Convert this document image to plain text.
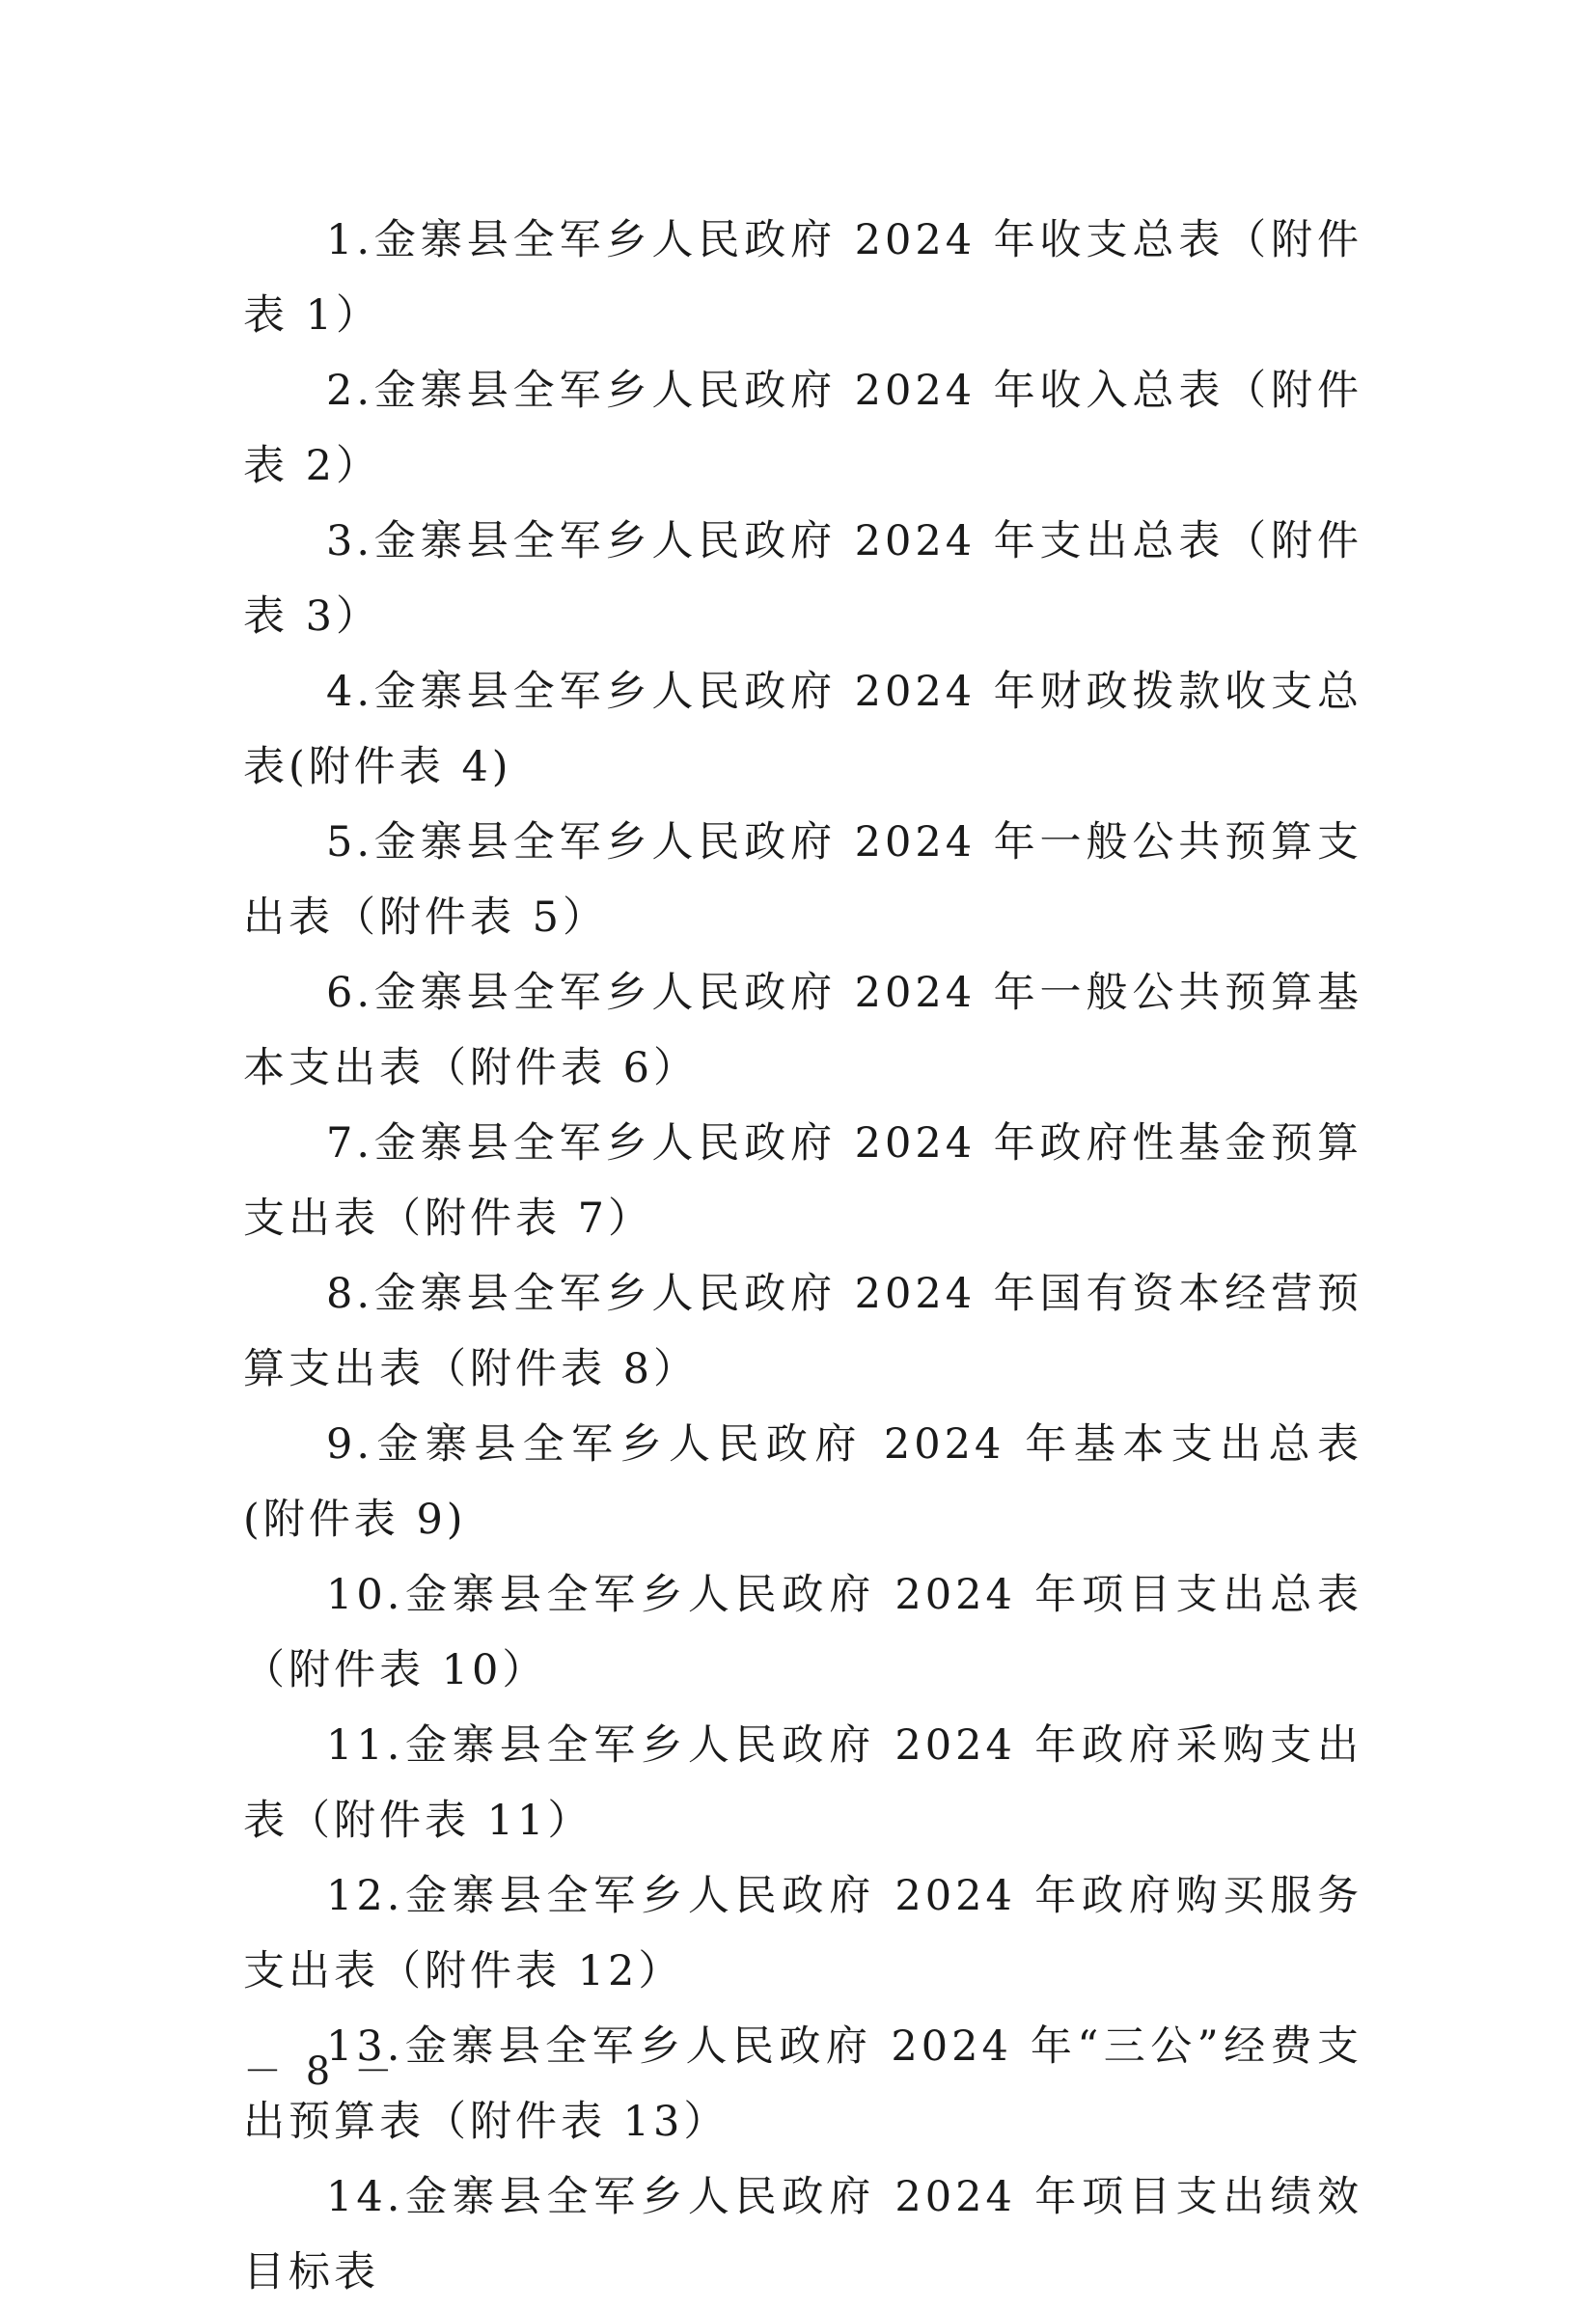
1.金寨县全军乡人民政府 2024 年收支总表（附件表 1）

2.金寨县全军乡人民政府 2024 年收入总表（附件表 2）

3.金寨县全军乡人民政府 2024 年支出总表（附件表 3）

4.金寨县全军乡人民政府 2024 年财政拨款收支总表(附件表 4)

5.金寨县全军乡人民政府 2024 年一般公共预算支出表（附件表 5）

6.金寨县全军乡人民政府 2024 年一般公共预算基本支出表（附件表 6）

7.金寨县全军乡人民政府 2024 年政府性基金预算支出表（附件表 7）

8.金寨县全军乡人民政府 2024 年国有资本经营预算支出表（附件表 8）

9.金寨县全军乡人民政府 2024 年基本支出总表(附件表 9)

10.金寨县全军乡人民政府 2024 年项目支出总表（附件表 10）

11.金寨县全军乡人民政府 2024 年政府采购支出表（附件表 11）

12.金寨县全军乡人民政府 2024 年政府购买服务支出表（附件表 12）

13.金寨县全军乡人民政府 2024 年“三公”经费支出预算表（附件表 13）

14.金寨县全军乡人民政府 2024 年项目支出绩效目标表

－ 8 －
